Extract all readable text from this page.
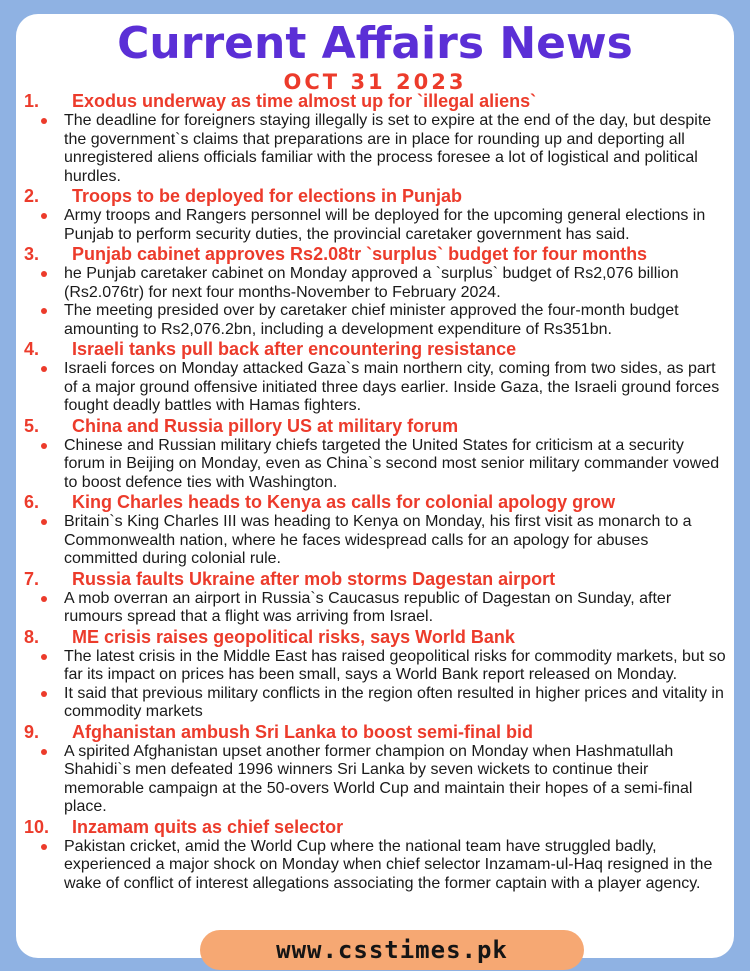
Current Affairs News
OCT 31 2023
1. Exodus underway as time almost up for `illegal aliens`
The deadline for foreigners staying illegally is set to expire at the end of the day, but despite the government`s claims that preparations are in place for rounding up and deporting all unregistered aliens officials familiar with the process foresee a lot of logistical and political hurdles.
2. Troops to be deployed for elections in Punjab
Army troops and Rangers personnel will be deployed for the upcoming general elections in Punjab to perform security duties, the provincial caretaker government has said.
3. Punjab cabinet approves Rs2.08tr `surplus` budget for four months
he Punjab caretaker cabinet on Monday approved a `surplus` budget of Rs2,076 billion (Rs2.076tr) for next four months-November to February 2024.
The meeting presided over by caretaker chief minister approved the four-month budget amounting to Rs2,076.2bn, including a development expenditure of Rs351bn.
4. Israeli tanks pull back after encountering resistance
Israeli forces on Monday attacked Gaza`s main northern city, coming from two sides, as part of a major ground offensive initiated three days earlier. Inside Gaza, the Israeli ground forces fought deadly battles with Hamas fighters.
5. China and Russia pillory US at military forum
Chinese and Russian military chiefs targeted the United States for criticism at a security forum in Beijing on Monday, even as China`s second most senior military commander vowed to boost defence ties with Washington.
6. King Charles heads to Kenya as calls for colonial apology grow
Britain`s King Charles III was heading to Kenya on Monday, his first visit as monarch to a Commonwealth nation, where he faces widespread calls for an apology for abuses committed during colonial rule.
7. Russia faults Ukraine after mob storms Dagestan airport
A mob overran an airport in Russia`s Caucasus republic of Dagestan on Sunday, after rumours spread that a flight was arriving from Israel.
8. ME crisis raises geopolitical risks, says World Bank
The latest crisis in the Middle East has raised geopolitical risks for commodity markets, but so far its impact on prices has been small, says a World Bank report released on Monday.
It said that previous military conflicts in the region often resulted in higher prices and vitality in commodity markets
9. Afghanistan ambush Sri Lanka to boost semi-final bid
A spirited Afghanistan upset another former champion on Monday when Hashmatullah Shahidi`s men defeated 1996 winners Sri Lanka by seven wickets to continue their memorable campaign at the 50-overs World Cup and maintain their hopes of a semi-final place.
10. Inzamam quits as chief selector
Pakistan cricket, amid the World Cup where the national team have struggled badly, experienced a major shock on Monday when chief selector Inzamam-ul-Haq resigned in the wake of conflict of interest allegations associating the former captain with a player agency.
www.csstimes.pk
